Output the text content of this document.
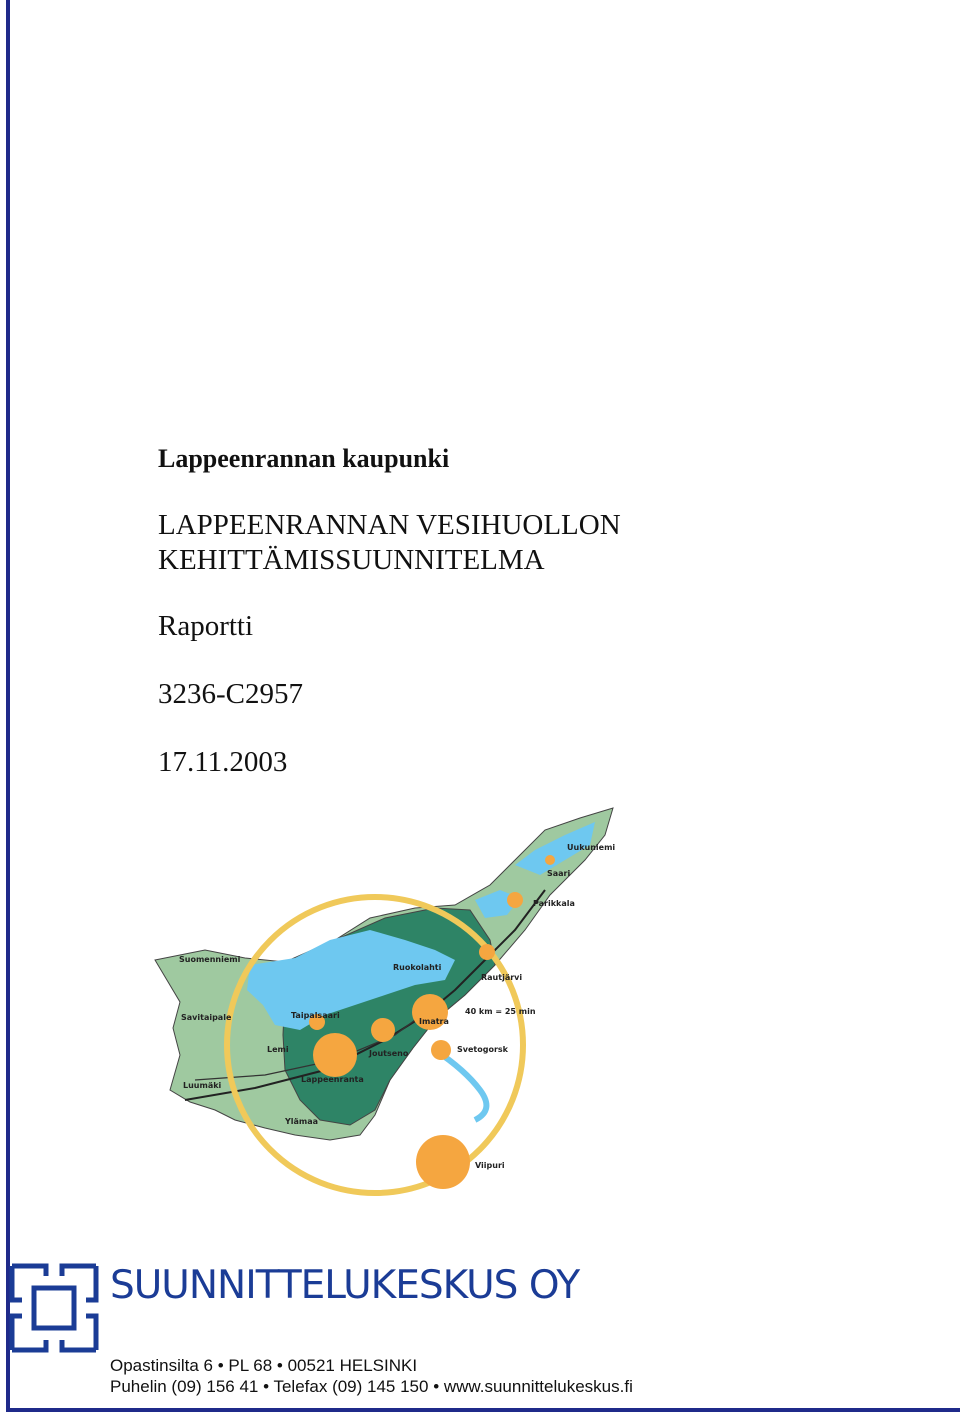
Lappeenrannan kaupunki
LAPPEENRANNAN VESIHUOLLON
KEHITTÄMISSUUNNITELMA
Raportti
3236-C2957
17.11.2003
Uukuniemi
Saari
Parikkala
Suomenniemi
Ruokolahti
Rautjärvi
Savitaipale	Taipalsaari
Imatra
40 km = 25 min
Lemi	Joutseno	Svetogorsk
Luumäki
Lappeenranta
Ylämaa
Viipuri
SUUNNITTELUKESKUS OY
Opastinsilta 6 • PL 68 • 00521 HELSINKI
Puhelin (09) 156 41 • Telefax (09) 145 150 • www.suunnittelukeskus.fi
